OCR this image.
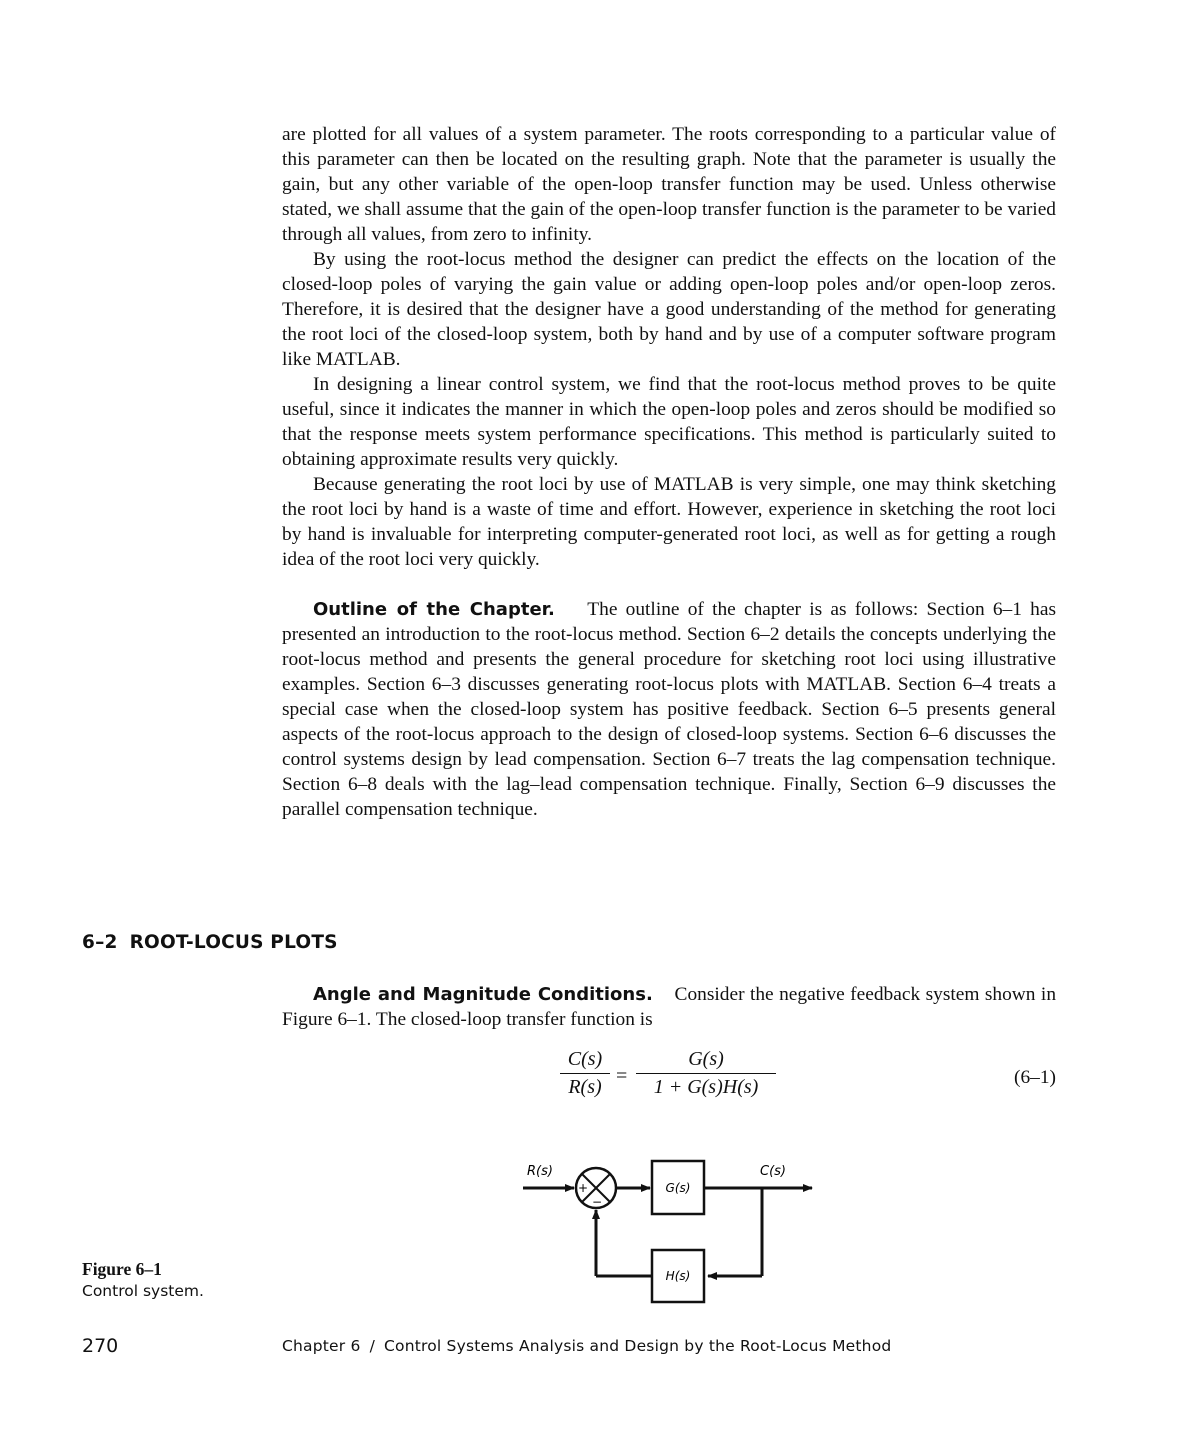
are plotted for all values of a system parameter. The roots corresponding to a particular value of this parameter can then be located on the resulting graph. Note that the parameter is usually the gain, but any other variable of the open-loop transfer function may be used. Unless otherwise stated, we shall assume that the gain of the open-loop transfer function is the parameter to be varied through all values, from zero to infinity.

By using the root-locus method the designer can predict the effects on the location of the closed-loop poles of varying the gain value or adding open-loop poles and/or open-loop zeros. Therefore, it is desired that the designer have a good understanding of the method for generating the root loci of the closed-loop system, both by hand and by use of a computer software program like MATLAB.

In designing a linear control system, we find that the root-locus method proves to be quite useful, since it indicates the manner in which the open-loop poles and zeros should be modified so that the response meets system performance specifications. This method is particularly suited to obtaining approximate results very quickly.

Because generating the root loci by use of MATLAB is very simple, one may think sketching the root loci by hand is a waste of time and effort. However, experience in sketching the root loci by hand is invaluable for interpreting computer-generated root loci, as well as for getting a rough idea of the root loci very quickly.

Outline of the Chapter. The outline of the chapter is as follows: Section 6–1 has presented an introduction to the root-locus method. Section 6–2 details the concepts underlying the root-locus method and presents the general procedure for sketching root loci using illustrative examples. Section 6–3 discusses generating root-locus plots with MATLAB. Section 6–4 treats a special case when the closed-loop system has positive feedback. Section 6–5 presents general aspects of the root-locus approach to the design of closed-loop systems. Section 6–6 discusses the control systems design by lead compensation. Section 6–7 treats the lag compensation technique. Section 6–8 deals with the lag–lead compensation technique. Finally, Section 6–9 discusses the parallel compensation technique.

6–2 ROOT-LOCUS PLOTS

Angle and Magnitude Conditions. Consider the negative feedback system shown in Figure 6–1. The closed-loop transfer function is

$\frac{C(s)}{R(s)} = \frac{G(s)}{1 + G(s)H(s)}$	(6–1)
R(s)
+
−
G(s)
C(s)
H(s)
Figure 6–1
Control system.
270	Chapter 6 / Control Systems Analysis and Design by the Root-Locus Method
